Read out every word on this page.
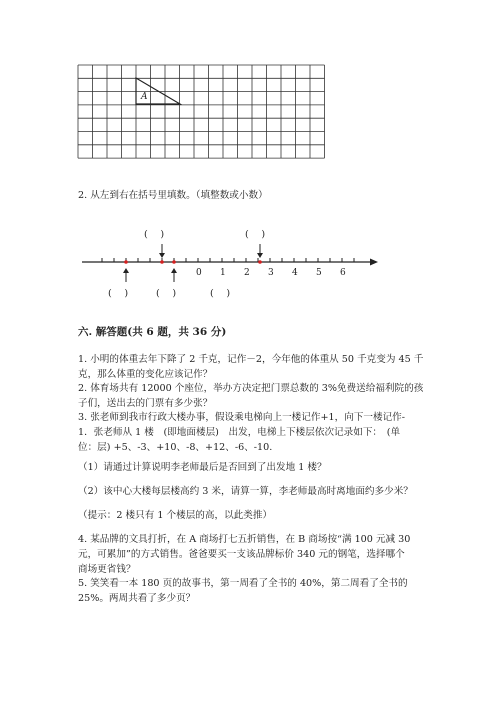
A
2. 从左到右在括号里填数。（填整数或小数）
(　 )	(　 )
0 1 2 3 4 5 6
(　 )	(　 )	(　 )
六. 解答题(共 6 题，共 36 分)
1. 小明的体重去年下降了 2 千克，记作－2，今年他的体重从 50 千克变为 45 千
克，那么体重的变化应该记作？
2. 体育场共有 12000 个座位，举办方决定把门票总数的 3%免费送给福利院的孩
子们，送出去的门票有多少张？
3. 张老师到我市行政大楼办事，假设乘电梯向上一楼记作+1，向下一楼记作-
1．张老师从 1 楼　(即地面楼层)　出发，电梯上下楼层依次记录如下：　(单
位：层) +5、-3、+10、-8、+12、-6、-10.
（1）请通过计算说明李老师最后是否回到了出发地 1 楼？
（2）该中心大楼每层楼高约 3 米，请算一算，李老师最高时离地面约多少米？
（提示：2 楼只有 1 个楼层的高，以此类推）
4. 某品牌的文具打折，在 A 商场打七五折销售，在 B 商场按“满 100 元减 30
元，可累加”的方式销售。爸爸要买一支该品牌标价 340 元的钢笔，选择哪个
商场更省钱？
5. 笑笑看一本 180 页的故事书，第一周看了全书的 40%，第二周看了全书的
25%。两周共看了多少页？
